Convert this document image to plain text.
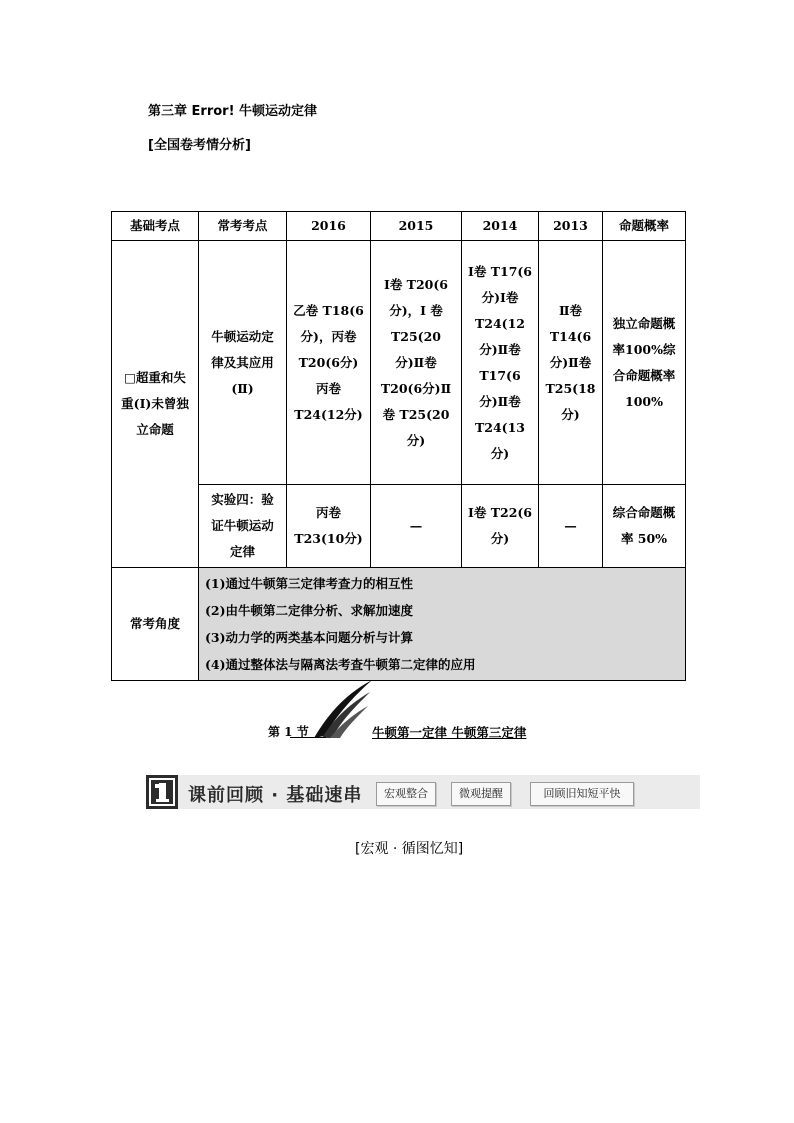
第三章 Error! 牛顿运动定律
[全国卷考情分析]
基础考点	常考考点	2016	2015	2014	2013	命题概率
□超重和失重(Ⅰ)未曾独立命题	牛顿运动定律及其应用(Ⅱ)	乙卷 T18(6分)，丙卷 T20(6分)丙卷 T24(12分)	Ⅰ卷 T20(6分)，Ⅰ 卷 T25(20分)Ⅱ卷 T20(6分)Ⅱ卷 T25(20分)	Ⅰ卷 T17(6分)Ⅰ卷 T24(12分)Ⅱ卷 T17(6分)Ⅱ卷 T24(13分)	Ⅱ卷 T14(6分)Ⅱ卷 T25(18分)	独立命题概率100%综合命题概率100%
	实验四：验证牛顿运动定律	丙卷 T23(10分)	—	Ⅰ卷 T22(6分)	—	综合命题概率 50%
常考角度	(1)通过牛顿第三定律考查力的相互性
(2)由牛顿第二定律分析、求解加速度
(3)动力学的两类基本问题分析与计算
(4)通过整体法与隔离法考查牛顿第二定律的应用					
第 1 节	牛顿第一定律 牛顿第三定律
课前回顾 · 基础速串	宏观整合	微观提醒	回顾旧知短平快
[宏观 · 循图忆知]
